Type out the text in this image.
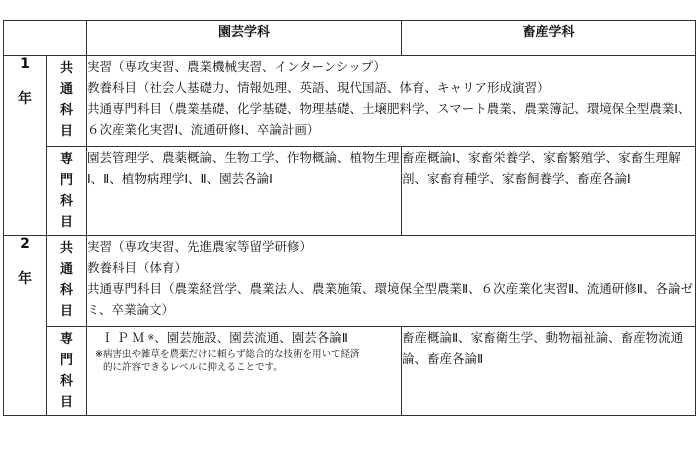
		園芸学科	畜産学科

1
年	共
通
科
目	実習（専攻実習、農業機械実習、インターンシップ）
教養科目（社会人基礎力、情報処理、英語、現代国語、体育、キャリア形成演習）
共通専門科目（農業基礎、化学基礎、物理基礎、土壌肥料学、スマート農業、農業簿記、環境保全型農業Ⅰ、６次産業化実習Ⅰ、流通研修Ⅰ、卒論計画）	

	専
門
科
目	園芸管理学、農薬概論、生物工学、作物概論、植物生理Ⅰ、Ⅱ、植物病理学Ⅰ、Ⅱ、園芸各論Ⅰ	畜産概論Ⅰ、家畜栄養学、家畜繁殖学、家畜生理解剖、家畜育種学、家畜飼養学、畜産各論Ⅰ

2
年	共
通
科
目	実習（専攻実習、先進農家等留学研修）
教養科目（体育）
共通専門科目（農業経営学、農業法人、農業施策、環境保全型農業Ⅱ、６次産業化実習Ⅱ、流通研修Ⅱ、各論ゼミ、卒業論文）	

	専
門
科
目	ＩＰＭ※、園芸施設、園芸流通、園芸各論Ⅱ
※病害虫や雑草を農薬だけに頼らず総合的な技術を用いて経済
的に許容できるレベルに抑えることです。	畜産概論Ⅱ、家畜衛生学、動物福祉論、畜産物流通論、畜産各論Ⅱ
